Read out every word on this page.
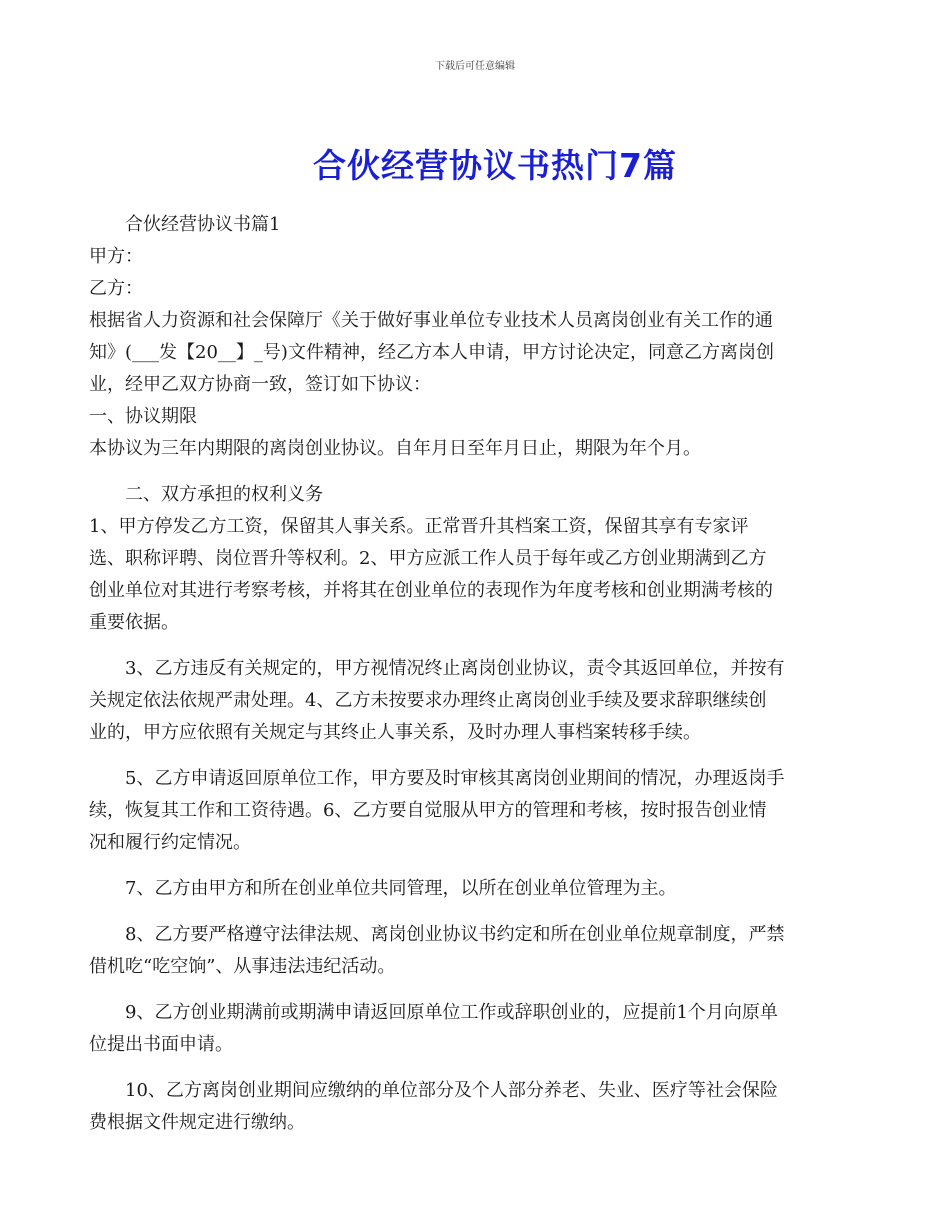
下载后可任意编辑
合伙经营协议书热门7篇

合伙经营协议书篇1

甲方：

乙方：

根据省人力资源和社会保障厅《关于做好事业单位专业技术人员离岗创业有关工作的通
知》(___发【20__】_号)文件精神，经乙方本人申请，甲方讨论决定，同意乙方离岗创
业，经甲乙双方协商一致，签订如下协议：

一、协议期限

本协议为三年内期限的离岗创业协议。自年月日至年月日止，期限为年个月。

二、双方承担的权利义务

1、甲方停发乙方工资，保留其人事关系。正常晋升其档案工资，保留其享有专家评
选、职称评聘、岗位晋升等权利。2、甲方应派工作人员于每年或乙方创业期满到乙方
创业单位对其进行考察考核，并将其在创业单位的表现作为年度考核和创业期满考核的
重要依据。
3、乙方违反有关规定的，甲方视情况终止离岗创业协议，责令其返回单位，并按有
关规定依法依规严肃处理。4、乙方未按要求办理终止离岗创业手续及要求辞职继续创
业的，甲方应依照有关规定与其终止人事关系，及时办理人事档案转移手续。
5、乙方申请返回原单位工作，甲方要及时审核其离岗创业期间的情况，办理返岗手
续，恢复其工作和工资待遇。6、乙方要自觉服从甲方的管理和考核，按时报告创业情
况和履行约定情况。
7、乙方由甲方和所在创业单位共同管理，以所在创业单位管理为主。
8、乙方要严格遵守法律法规、离岗创业协议书约定和所在创业单位规章制度，严禁
借机吃“吃空饷”、从事违法违纪活动。
9、乙方创业期满前或期满申请返回原单位工作或辞职创业的，应提前1个月向原单
位提出书面申请。
10、乙方离岗创业期间应缴纳的单位部分及个人部分养老、失业、医疗等社会保险
费根据文件规定进行缴纳。
